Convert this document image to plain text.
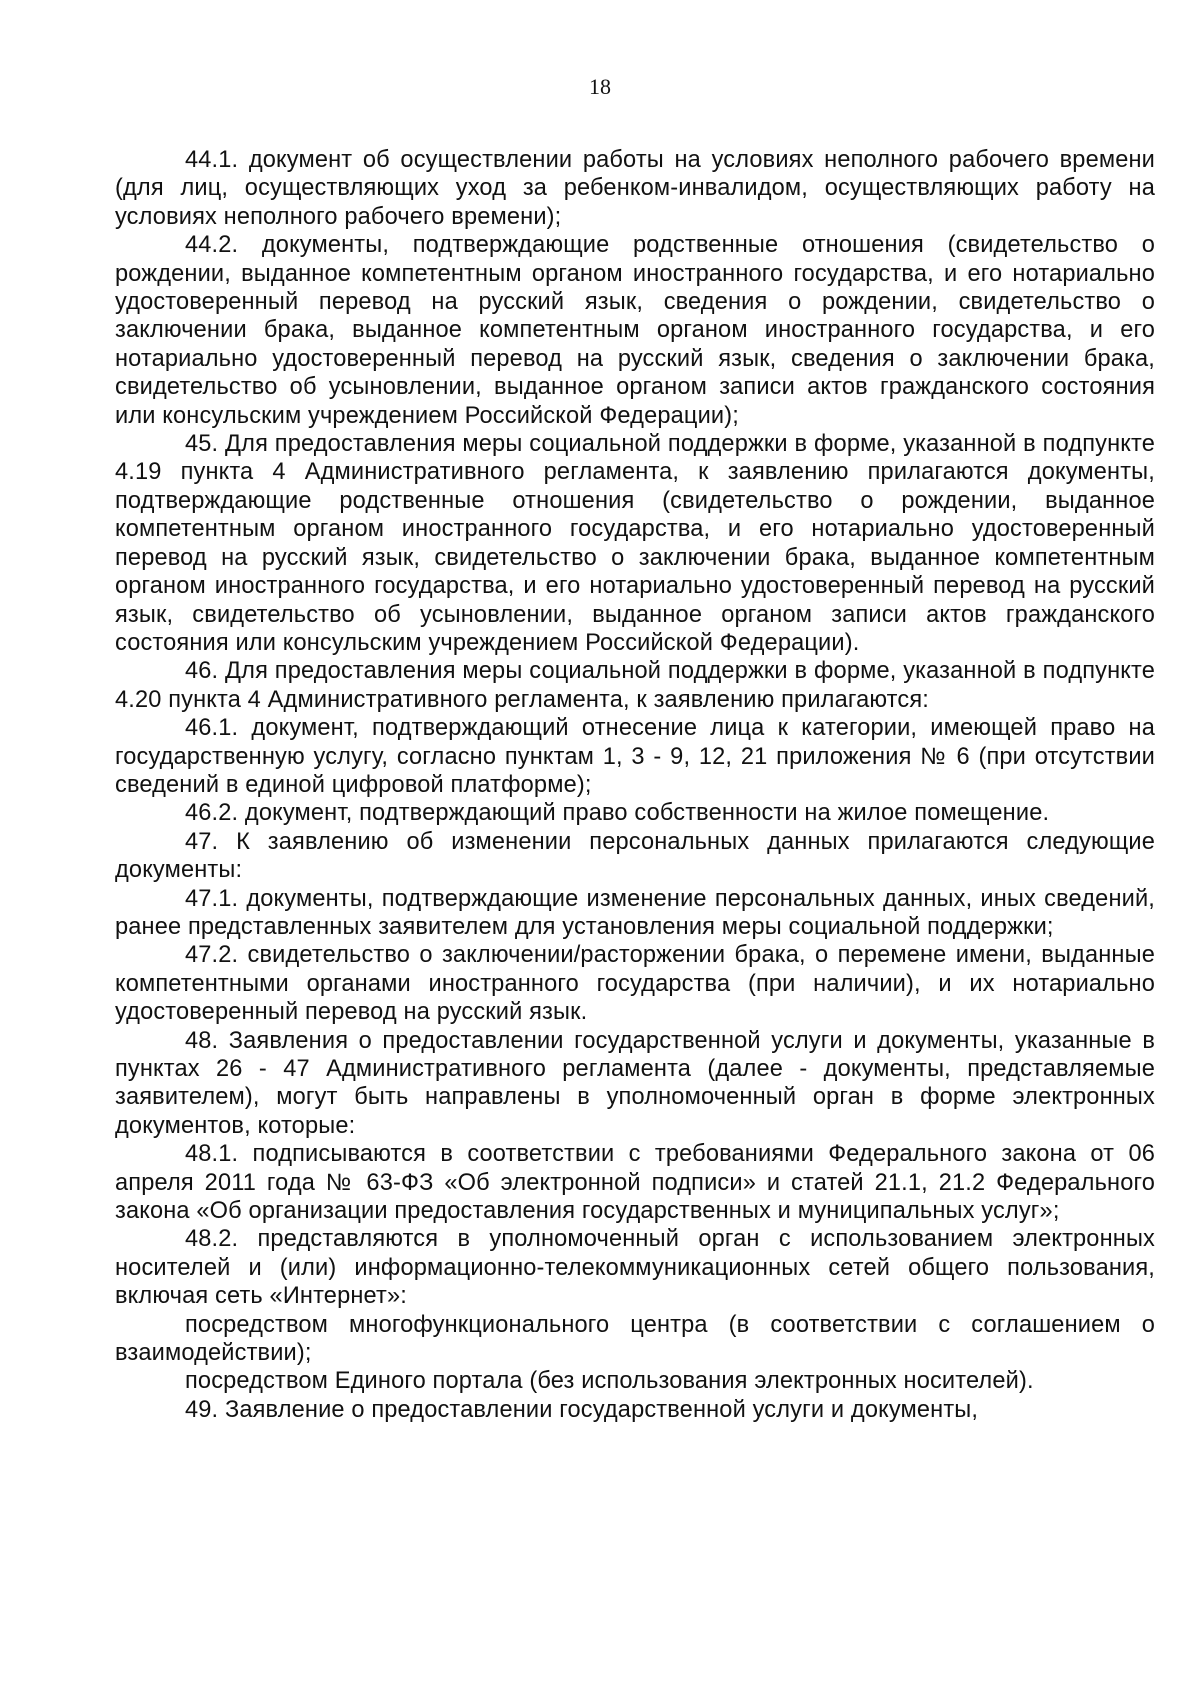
18

44.1. документ об осуществлении работы на условиях неполного рабочего времени (для лиц, осуществляющих уход за ребенком-инвалидом, осуществляющих работу на условиях неполного рабочего времени);

44.2. документы, подтверждающие родственные отношения (свидетельство о рождении, выданное компетентным органом иностранного государства, и его нотариально удостоверенный перевод на русский язык, сведения о рождении, свидетельство о заключении брака, выданное компетентным органом иностранного государства, и его нотариально удостоверенный перевод на русский язык, сведения о заключении брака, свидетельство об усыновлении, выданное органом записи актов гражданского состояния или консульским учреждением Российской Федерации);

45. Для предоставления меры социальной поддержки в форме, указанной в подпункте 4.19 пункта 4 Административного регламента, к заявлению прилагаются документы, подтверждающие родственные отношения (свидетельство о рождении, выданное компетентным органом иностранного государства, и его нотариально удостоверенный перевод на русский язык, свидетельство о заключении брака, выданное компетентным органом иностранного государства, и его нотариально удостоверенный перевод на русский язык, свидетельство об усыновлении, выданное органом записи актов гражданского состояния или консульским учреждением Российской Федерации).

46. Для предоставления меры социальной поддержки в форме, указанной в подпункте 4.20 пункта 4 Административного регламента, к заявлению прилагаются:

46.1. документ, подтверждающий отнесение лица к категории, имеющей право на государственную услугу, согласно пунктам 1, 3 - 9, 12, 21 приложения № 6 (при отсутствии сведений в единой цифровой платформе);

46.2. документ, подтверждающий право собственности на жилое помещение.

47. К заявлению об изменении персональных данных прилагаются следующие документы:

47.1. документы, подтверждающие изменение персональных данных, иных сведений, ранее представленных заявителем для установления меры социальной поддержки;

47.2. свидетельство о заключении/расторжении брака, о перемене имени, выданные компетентными органами иностранного государства (при наличии), и их нотариально удостоверенный перевод на русский язык.

48. Заявления о предоставлении государственной услуги и документы, указанные в пунктах 26 - 47 Административного регламента (далее - документы, представляемые заявителем), могут быть направлены в уполномоченный орган в форме электронных документов, которые:

48.1. подписываются в соответствии с требованиями Федерального закона от 06 апреля 2011 года № 63-ФЗ «Об электронной подписи» и статей 21.1, 21.2 Федерального закона «Об организации предоставления государственных и муниципальных услуг»;

48.2. представляются в уполномоченный орган с использованием электронных носителей и (или) информационно-телекоммуникационных сетей общего пользования, включая сеть «Интернет»:

посредством многофункционального центра (в соответствии с соглашением о взаимодействии);

посредством Единого портала (без использования электронных носителей).

49. Заявление о предоставлении государственной услуги и документы,
